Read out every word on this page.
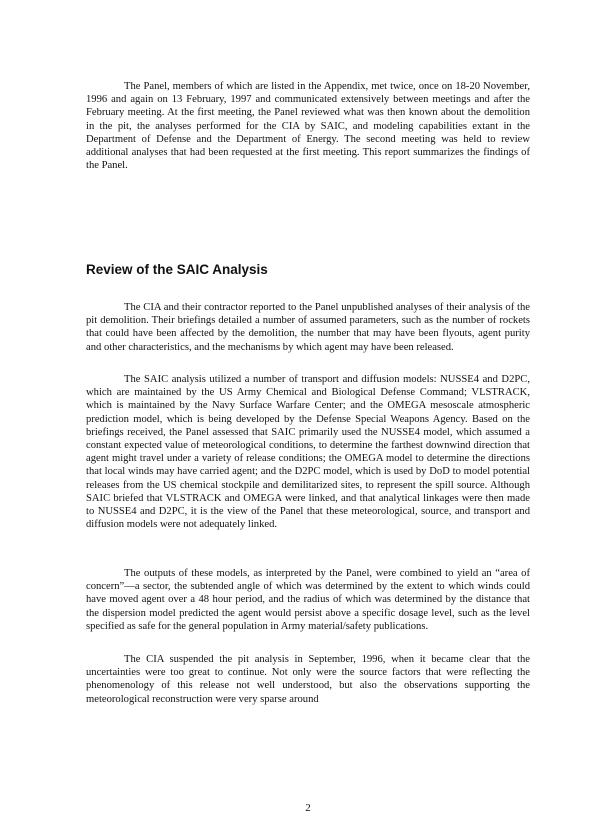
The Panel, members of which are listed in the Appendix, met twice, once on 18-20 November, 1996 and again on 13 February, 1997 and communicated extensively between meetings and after the February meeting. At the first meeting, the Panel reviewed what was then known about the demolition in the pit, the analyses performed for the CIA by SAIC, and modeling capabilities extant in the Department of Defense and the Department of Energy. The second meeting was held to review additional analyses that had been requested at the first meeting. This report summarizes the findings of the Panel.

Review of the SAIC Analysis

The CIA and their contractor reported to the Panel unpublished analyses of their analysis of the pit demolition. Their briefings detailed a number of assumed parameters, such as the number of rockets that could have been affected by the demolition, the number that may have been flyouts, agent purity and other characteristics, and the mechanisms by which agent may have been released.

The SAIC analysis utilized a number of transport and diffusion models: NUSSE4 and D2PC, which are maintained by the US Army Chemical and Biological Defense Command; VLSTRACK, which is maintained by the Navy Surface Warfare Center; and the OMEGA mesoscale atmospheric prediction model, which is being developed by the Defense Special Weapons Agency. Based on the briefings received, the Panel assessed that SAIC primarily used the NUSSE4 model, which assumed a constant expected value of meteorological conditions, to determine the farthest downwind direction that agent might travel under a variety of release conditions; the OMEGA model to determine the directions that local winds may have carried agent; and the D2PC model, which is used by DoD to model potential releases from the US chemical stockpile and demilitarized sites, to represent the spill source. Although SAIC briefed that VLSTRACK and OMEGA were linked, and that analytical linkages were then made to NUSSE4 and D2PC, it is the view of the Panel that these meteorological, source, and transport and diffusion models were not adequately linked.

The outputs of these models, as interpreted by the Panel, were combined to yield an “area of concern”—a sector, the subtended angle of which was determined by the extent to which winds could have moved agent over a 48 hour period, and the radius of which was determined by the distance that the dispersion model predicted the agent would persist above a specific dosage level, such as the level specified as safe for the general population in Army material/safety publications.

The CIA suspended the pit analysis in September, 1996, when it became clear that the uncertainties were too great to continue. Not only were the source factors that were reflecting the phenomenology of this release not well understood, but also the observations supporting the meteorological reconstruction were very sparse around

2
